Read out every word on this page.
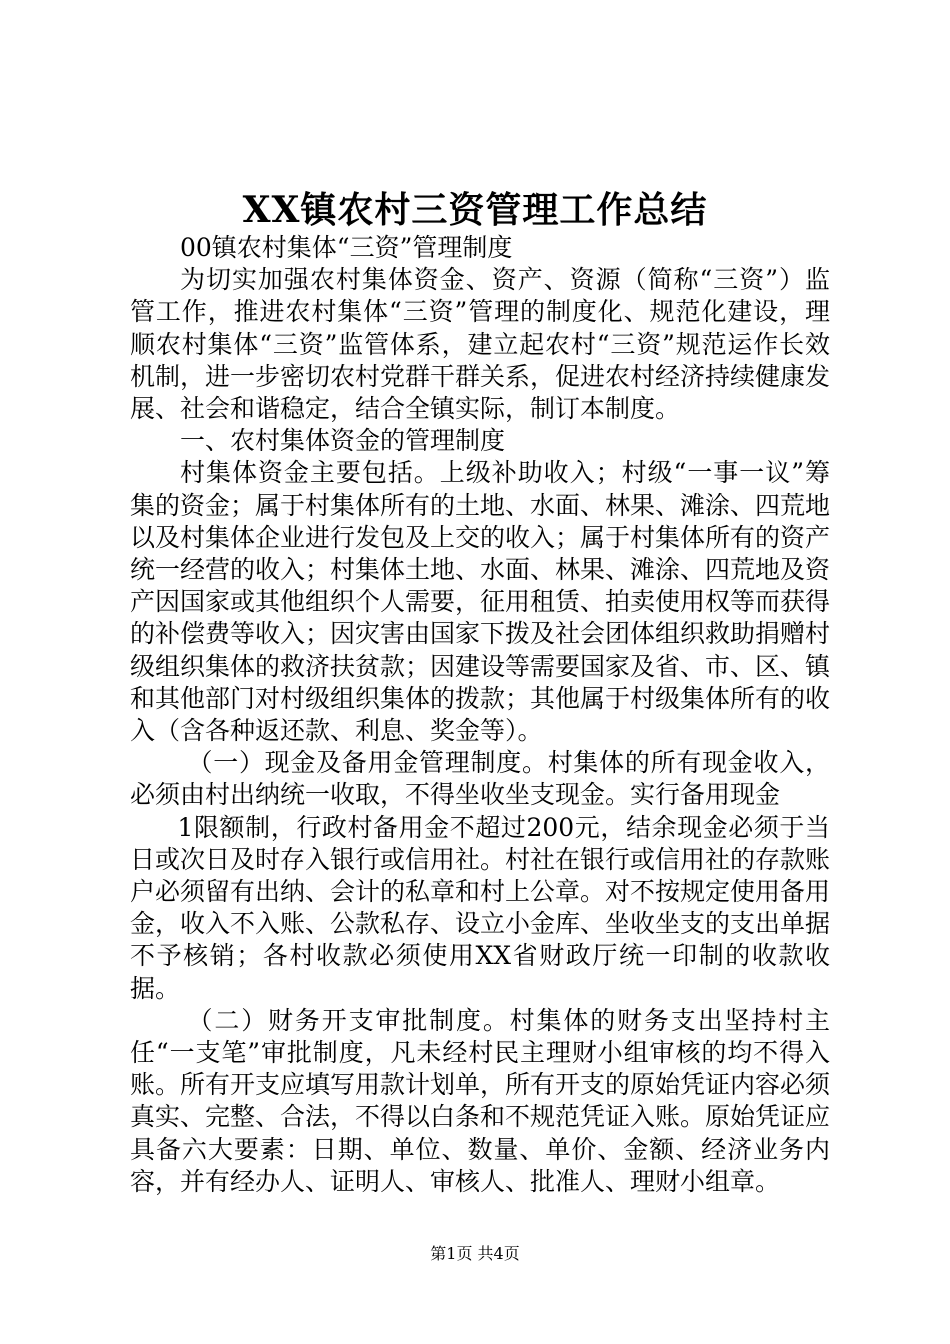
XX镇农村三资管理工作总结

00镇农村集体“三资”管理制度

为切实加强农村集体资金、资产、资源（简称“三资”）监管工作，推进农村集体“三资”管理的制度化、规范化建设，理顺农村集体“三资”监管体系，建立起农村“三资”规范运作长效机制，进一步密切农村党群干群关系，促进农村经济持续健康发展、社会和谐稳定，结合全镇实际，制订本制度。

一、农村集体资金的管理制度

村集体资金主要包括。上级补助收入；村级“一事一议”筹集的资金；属于村集体所有的土地、水面、林果、滩涂、四荒地以及村集体企业进行发包及上交的收入；属于村集体所有的资产统一经营的收入；村集体土地、水面、林果、滩涂、四荒地及资产因国家或其他组织个人需要，征用租赁、拍卖使用权等而获得的补偿费等收入；因灾害由国家下拨及社会团体组织救助捐赠村级组织集体的救济扶贫款；因建设等需要国家及省、市、区、镇和其他部门对村级组织集体的拨款；其他属于村级集体所有的收入（含各种返还款、利息、奖金等）。

（一）现金及备用金管理制度。村集体的所有现金收入，必须由村出纳统一收取，不得坐收坐支现金。实行备用现金

1限额制，行政村备用金不超过200元，结余现金必须于当日或次日及时存入银行或信用社。村社在银行或信用社的存款账户必须留有出纳、会计的私章和村上公章。对不按规定使用备用金，收入不入账、公款私存、设立小金库、坐收坐支的支出单据不予核销；各村收款必须使用XX省财政厅统一印制的收款收据。

（二）财务开支审批制度。村集体的财务支出坚持村主任“一支笔”审批制度，凡未经村民主理财小组审核的均不得入账。所有开支应填写用款计划单，所有开支的原始凭证内容必须真实、完整、合法，不得以白条和不规范凭证入账。原始凭证应具备六大要素：日期、单位、数量、单价、金额、经济业务内容，并有经办人、证明人、审核人、批准人、理财小组章。

第1页 共4页
